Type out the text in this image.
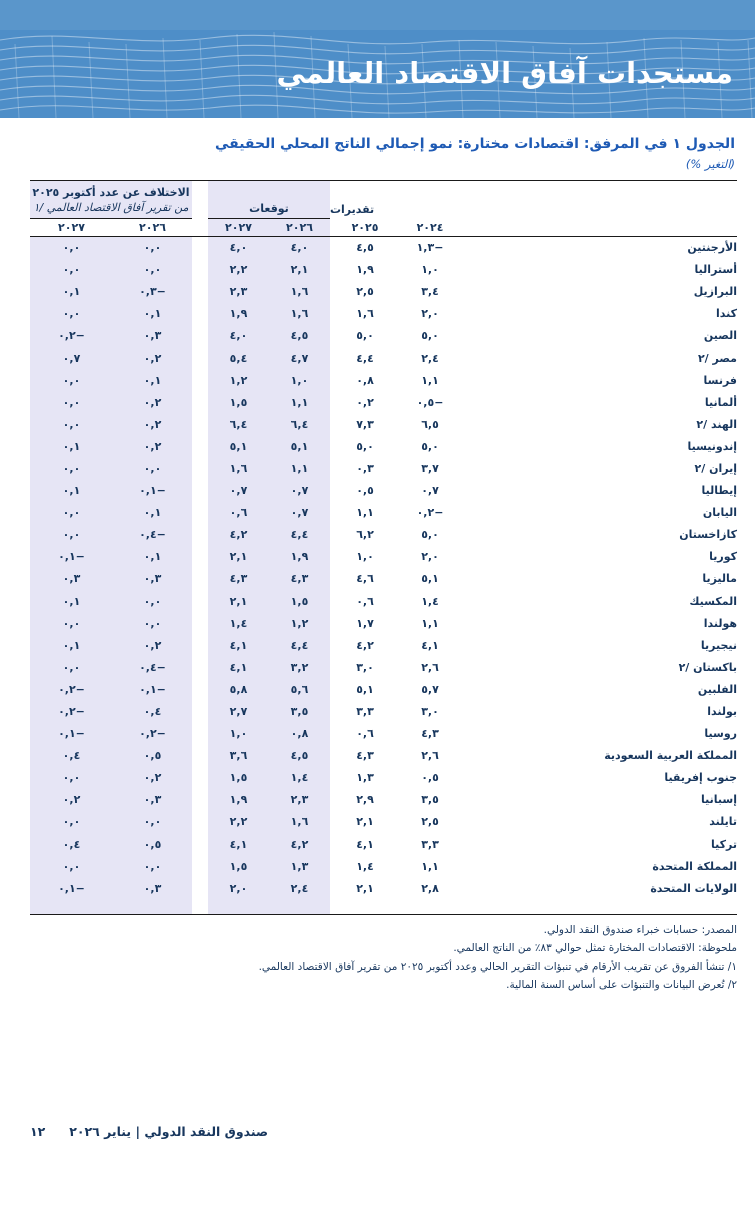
مستجدات آفاق الاقتصاد العالمي
الجدول ١ في المرفق: اقتصادات مختارة: نمو إجمالي الناتج المحلي الحقيقي
(التغير %)
	تقديرات		توقعات			الاختلاف عن عدد أكتوبر ٢٠٢٥
من تقرير آفاق الاقتصاد العالمي /١	

	٢٠٢٤	٢٠٢٥	٢٠٢٦	٢٠٢٧		٢٠٢٦	٢٠٢٧
الأرجنتين	−١,٣	٤,٥	٤,٠	٤,٠		٠,٠	٠,٠
أستراليا	١,٠	١,٩	٢,١	٢,٢		٠,٠	٠,٠
البرازيل	٣,٤	٢,٥	١,٦	٢,٣		−٠,٣	٠,١
كندا	٢,٠	١,٦	١,٦	١,٩		٠,١	٠,٠
الصين	٥,٠	٥,٠	٤,٥	٤,٠		٠,٣	−٠,٢
مصر /٢	٢,٤	٤,٤	٤,٧	٥,٤		٠,٢	٠,٧
فرنسا	١,١	٠,٨	١,٠	١,٢		٠,١	٠,٠
ألمانيا	−٠,٥	٠,٢	١,١	١,٥		٠,٢	٠,٠
الهند /٢	٦,٥	٧,٣	٦,٤	٦,٤		٠,٢	٠,٠
إندونيسيا	٥,٠	٥,٠	٥,١	٥,١		٠,٢	٠,١
إيران /٢	٣,٧	٠,٣	١,١	١,٦		٠,٠	٠,٠
إيطاليا	٠,٧	٠,٥	٠,٧	٠,٧		−٠,١	٠,١
اليابان	−٠,٢	١,١	٠,٧	٠,٦		٠,١	٠,٠
كازاخستان	٥,٠	٦,٢	٤,٤	٤,٢		−٠,٤	٠,٠
كوريا	٢,٠	١,٠	١,٩	٢,١		٠,١	−٠,١
ماليزيا	٥,١	٤,٦	٤,٣	٤,٣		٠,٣	٠,٣
المكسيك	١,٤	٠,٦	١,٥	٢,١		٠,٠	٠,١
هولندا	١,١	١,٧	١,٢	١,٤		٠,٠	٠,٠
نيجيريا	٤,١	٤,٢	٤,٤	٤,١		٠,٢	٠,١
باكستان /٢	٢,٦	٣,٠	٣,٢	٤,١		−٠,٤	٠,٠
الفلبين	٥,٧	٥,١	٥,٦	٥,٨		−٠,١	−٠,٢
بولندا	٣,٠	٣,٣	٣,٥	٢,٧		٠,٤	−٠,٢
روسيا	٤,٣	٠,٦	٠,٨	١,٠		−٠,٢	−٠,١
المملكة العربية السعودية	٢,٦	٤,٣	٤,٥	٣,٦		٠,٥	٠,٤
جنوب إفريقيا	٠,٥	١,٣	١,٤	١,٥		٠,٢	٠,٠
إسبانيا	٣,٥	٢,٩	٢,٣	١,٩		٠,٣	٠,٢
تايلند	٢,٥	٢,١	١,٦	٢,٢		٠,٠	٠,٠
تركيا	٣,٣	٤,١	٤,٢	٤,١		٠,٥	٠,٤
المملكة المتحدة	١,١	١,٤	١,٣	١,٥		٠,٠	٠,٠
الولايات المتحدة	٢,٨	٢,١	٢,٤	٢,٠		٠,٣	−٠,١

المصدر: حسابات خبراء صندوق النقد الدولي.
ملحوظة: الاقتصادات المختارة تمثل حوالي ٨٣٪ من الناتج العالمي.
١/ تنشأ الفروق عن تقريب الأرقام في تنبؤات التقرير الحالي وعدد أكتوبر ٢٠٢٥ من تقرير آفاق الاقتصاد العالمي.
٢/ تُعرض البيانات والتنبؤات على أساس السنة المالية.
صندوق النقد الدولي | يناير ٢٠٢٦
١٢
